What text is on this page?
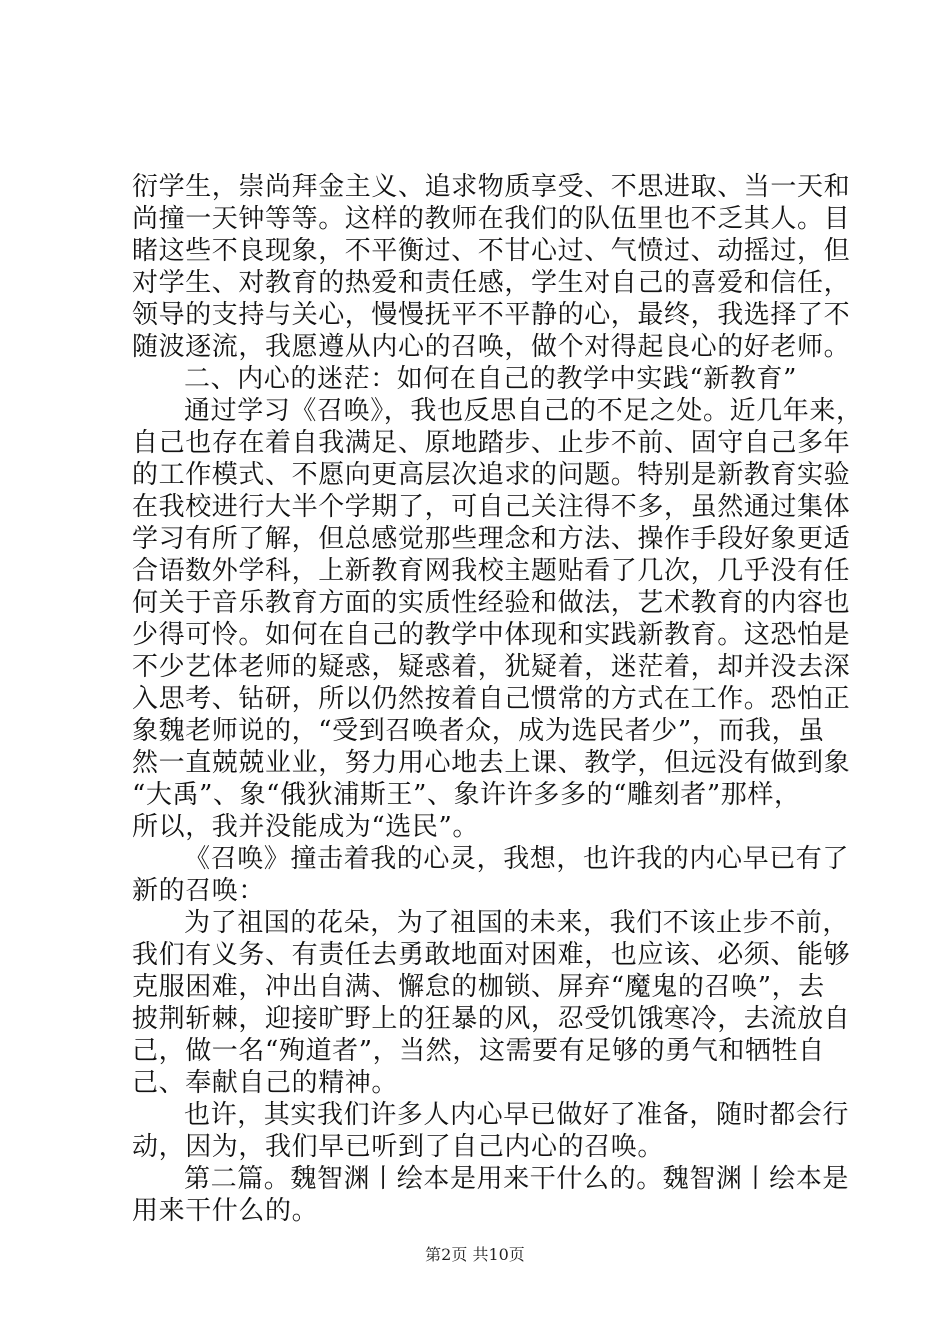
衍学生，崇尚拜金主义、追求物质享受、不思进取、当一天和
尚撞一天钟等等。这样的教师在我们的队伍里也不乏其人。目
睹这些不良现象，不平衡过、不甘心过、气愤过、动摇过，但
对学生、对教育的热爱和责任感，学生对自己的喜爱和信任，
领导的支持与关心，慢慢抚平不平静的心，最终，我选择了不
随波逐流，我愿遵从内心的召唤，做个对得起良心的好老师。
二、内心的迷茫：如何在自己的教学中实践“新教育”
通过学习《召唤》，我也反思自己的不足之处。近几年来，
自己也存在着自我满足、原地踏步、止步不前、固守自己多年
的工作模式、不愿向更高层次追求的问题。特别是新教育实验
在我校进行大半个学期了，可自己关注得不多，虽然通过集体
学习有所了解，但总感觉那些理念和方法、操作手段好象更适
合语数外学科，上新教育网我校主题贴看了几次，几乎没有任
何关于音乐教育方面的实质性经验和做法，艺术教育的内容也
少得可怜。如何在自己的教学中体现和实践新教育。这恐怕是
不少艺体老师的疑惑，疑惑着，犹疑着，迷茫着，却并没去深
入思考、钻研，所以仍然按着自己惯常的方式在工作。恐怕正
象魏老师说的，“受到召唤者众，成为选民者少”，而我，虽
然一直兢兢业业，努力用心地去上课、教学，但远没有做到象
“大禹”、象“俄狄浦斯王”、象许许多多的“雕刻者”那样，
所以，我并没能成为“选民”。
《召唤》撞击着我的心灵，我想，也许我的内心早已有了
新的召唤：
为了祖国的花朵，为了祖国的未来，我们不该止步不前，
我们有义务、有责任去勇敢地面对困难，也应该、必须、能够
克服困难，冲出自满、懈怠的枷锁、屏弃“魔鬼的召唤”，去
披荆斩棘，迎接旷野上的狂暴的风，忍受饥饿寒冷，去流放自
己，做一名“殉道者”，当然，这需要有足够的勇气和牺牲自
己、奉献自己的精神。
也许，其实我们许多人内心早已做好了准备，随时都会行
动，因为，我们早已听到了自己内心的召唤。
第二篇。魏智渊丨绘本是用来干什么的。魏智渊丨绘本是
用来干什么的。
第2页 共10页
